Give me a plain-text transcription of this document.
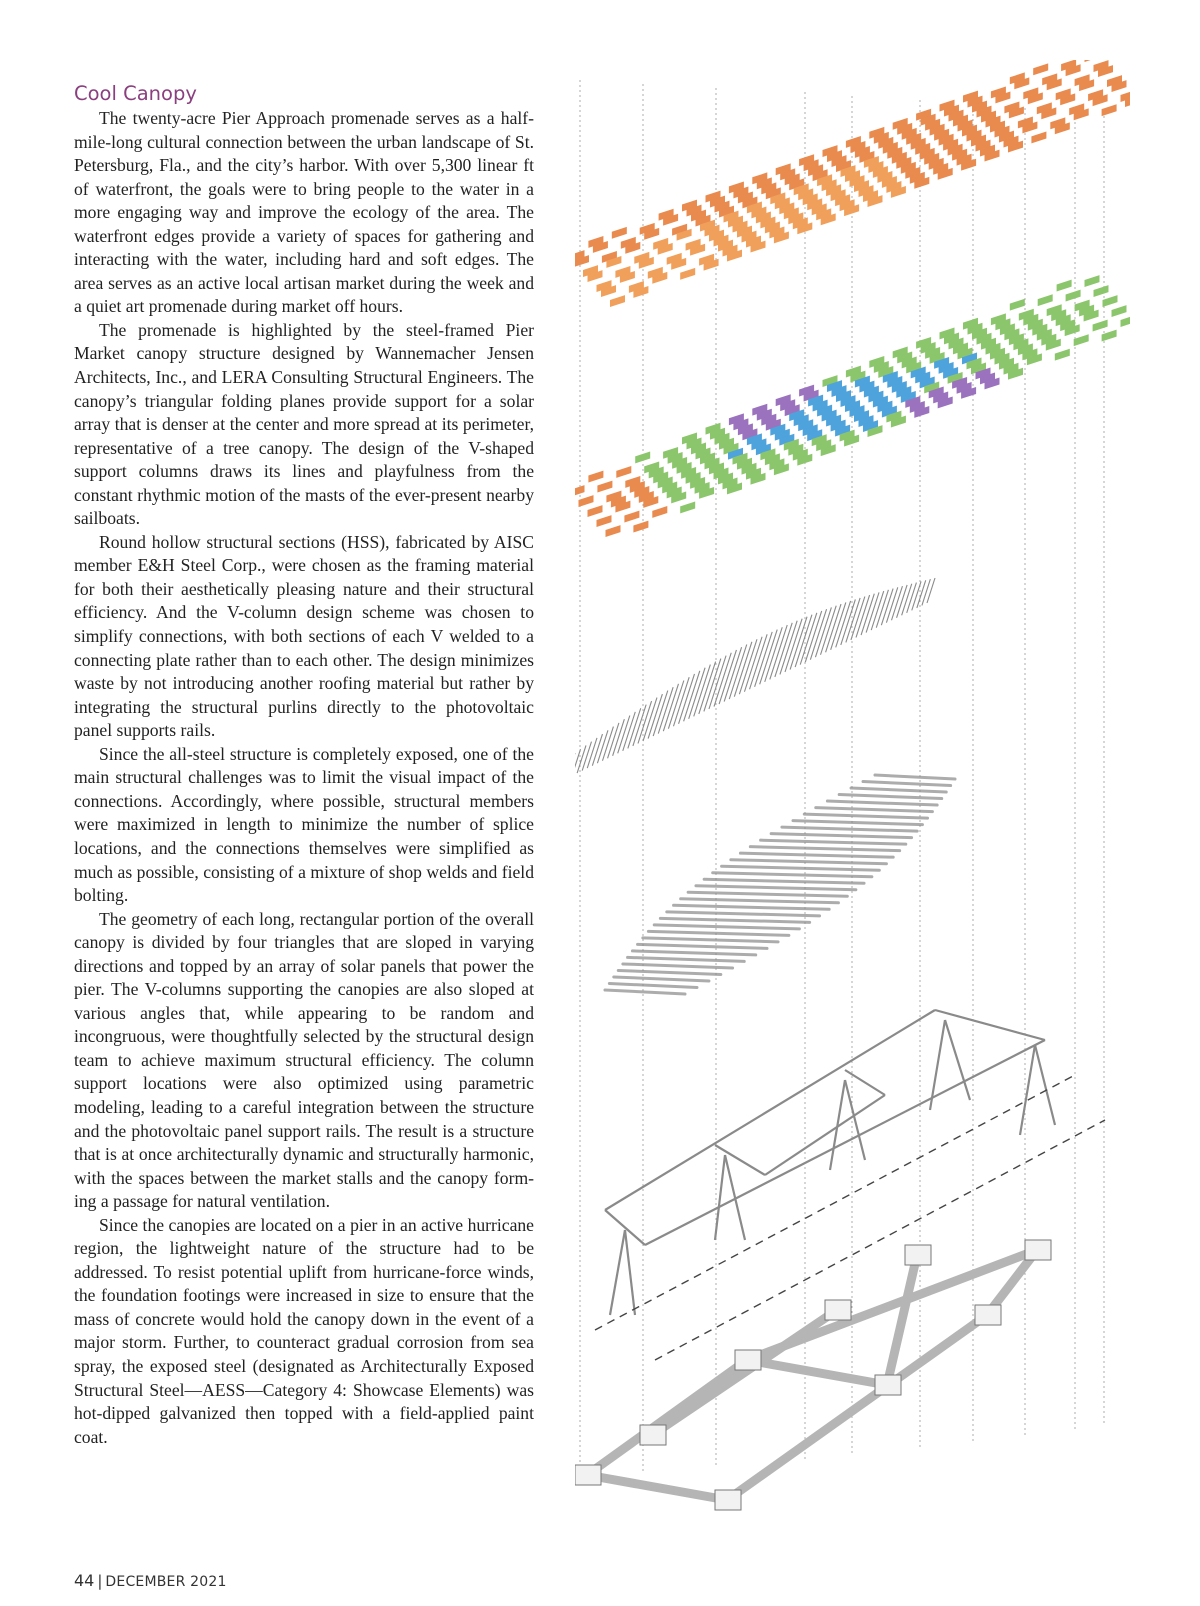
Cool Canopy

The twenty-acre Pier Approach promenade serves as a half-mile-long cultural connection between the urban landscape of St. Petersburg, Fla., and the city’s harbor. With over 5,300 linear ft of waterfront, the goals were to bring people to the water in a more engaging way and improve the ecology of the area. The waterfront edges provide a variety of spaces for gathering and interacting with the water, including hard and soft edges. The area serves as an active local artisan market during the week and a quiet art promenade during market off hours.

The promenade is highlighted by the steel-framed Pier Market canopy structure designed by Wannemacher Jensen Architects, Inc., and LERA Consulting Structural Engineers. The canopy’s triangular folding planes provide support for a solar array that is denser at the center and more spread at its perimeter, representative of a tree canopy. The design of the V-shaped support columns draws its lines and playfulness from the constant rhythmic motion of the masts of the ever-present nearby sailboats.

Round hollow structural sections (HSS), fabricated by AISC member E&H Steel Corp., were chosen as the framing material for both their aesthetically pleasing nature and their structural efficiency. And the V-column design scheme was chosen to simplify connections, with both sections of each V welded to a connecting plate rather than to each other. The design minimizes waste by not introducing another roofing material but rather by integrating the structural purlins directly to the photovoltaic panel supports rails.

Since the all-steel structure is completely exposed, one of the main structural challenges was to limit the visual impact of the connections. Accordingly, where possible, structural members were maximized in length to minimize the number of splice locations, and the connections themselves were simplified as much as possible, consisting of a mixture of shop welds and field bolting.

The geometry of each long, rectangular portion of the overall canopy is divided by four triangles that are sloped in varying directions and topped by an array of solar panels that power the pier. The V-columns supporting the canopies are also sloped at various angles that, while appearing to be random and incongruous, were thoughtfully selected by the structural design team to achieve maximum structural efficiency. The column support locations were also optimized using parametric modeling, leading to a careful integration between the structure and the photovoltaic panel support rails. The result is a structure that is at once architecturally dynamic and structurally harmonic, with the spaces between the market stalls and the canopy forming a passage for natural ventilation.

Since the canopies are located on a pier in an active hurricane region, the lightweight nature of the structure had to be addressed. To resist potential uplift from hurricane-force winds, the foundation footings were increased in size to ensure that the mass of concrete would hold the canopy down in the event of a major storm. Further, to counteract gradual corrosion from sea spray, the exposed steel (designated as Architecturally Exposed Structural Steel—AESS—Category 4: Showcase Elements) was hot-dipped galvanized then topped with a field-applied paint coat.

44 | DECEMBER 2021
